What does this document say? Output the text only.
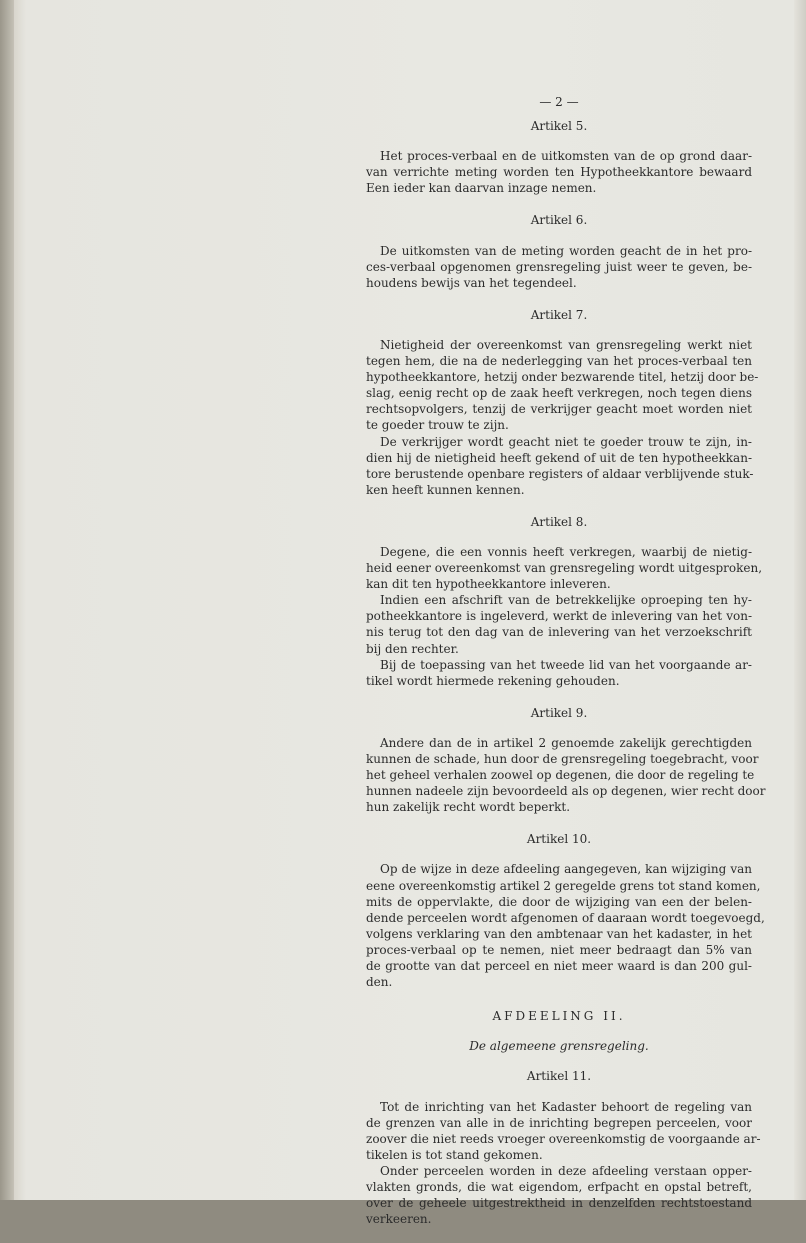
— 2 —
Artikel 5.
Het proces-verbaal en de uitkomsten van de op grond daar-
van verrichte meting worden ten Hypotheekkantore bewaard
Een ieder kan daarvan inzage nemen.
Artikel 6.
De uitkomsten van de meting worden geacht de in het pro-
ces-verbaal opgenomen grensregeling juist weer te geven, be-
houdens bewijs van het tegendeel.
Artikel 7.
Nietigheid der overeenkomst van grensregeling werkt niet
tegen hem, die na de nederlegging van het proces-verbaal ten
hypotheekkantore, hetzij onder bezwarende titel, hetzij door be-
slag, eenig recht op de zaak heeft verkregen, noch tegen diens
rechtsopvolgers, tenzij de verkrijger geacht moet worden niet
te goeder trouw te zijn.
De verkrijger wordt geacht niet te goeder trouw te zijn, in-
dien hij de nietigheid heeft gekend of uit de ten hypotheekkan-
tore berustende openbare registers of aldaar verblijvende stuk-
ken heeft kunnen kennen.
Artikel 8.
Degene, die een vonnis heeft verkregen, waarbij de nietig-
heid eener overeenkomst van grensregeling wordt uitgesproken,
kan dit ten hypotheekkantore inleveren.
Indien een afschrift van de betrekkelijke oproeping ten hy-
potheekkantore is ingeleverd, werkt de inlevering van het von-
nis terug tot den dag van de inlevering van het verzoekschrift
bij den rechter.
Bij de toepassing van het tweede lid van het voorgaande ar-
tikel wordt hiermede rekening gehouden.
Artikel 9.
Andere dan de in artikel 2 genoemde zakelijk gerechtigden
kunnen de schade, hun door de grensregeling toegebracht, voor
het geheel verhalen zoowel op degenen, die door de regeling te
hunnen nadeele zijn bevoordeeld als op degenen, wier recht door
hun zakelijk recht wordt beperkt.
Artikel 10.
Op de wijze in deze afdeeling aangegeven, kan wijziging van
eene overeenkomstig artikel 2 geregelde grens tot stand komen,
mits de oppervlakte, die door de wijziging van een der belen-
dende perceelen wordt afgenomen of daaraan wordt toegevoegd,
volgens verklaring van den ambtenaar van het kadaster, in het
proces-verbaal op te nemen, niet meer bedraagt dan 5% van
de grootte van dat perceel en niet meer waard is dan 200 gul-
den.
AFDEELING II.
De algemeene grensregeling.
Artikel 11.
Tot de inrichting van het Kadaster behoort de regeling van
de grenzen van alle in de inrichting begrepen perceelen, voor
zoover die niet reeds vroeger overeenkomstig de voorgaande ar-
tikelen is tot stand gekomen.
Onder perceelen worden in deze afdeeling verstaan opper-
vlakten gronds, die wat eigendom, erfpacht en opstal betreft,
over de geheele uitgestrektheid in denzelfden rechtstoestand
verkeeren.
